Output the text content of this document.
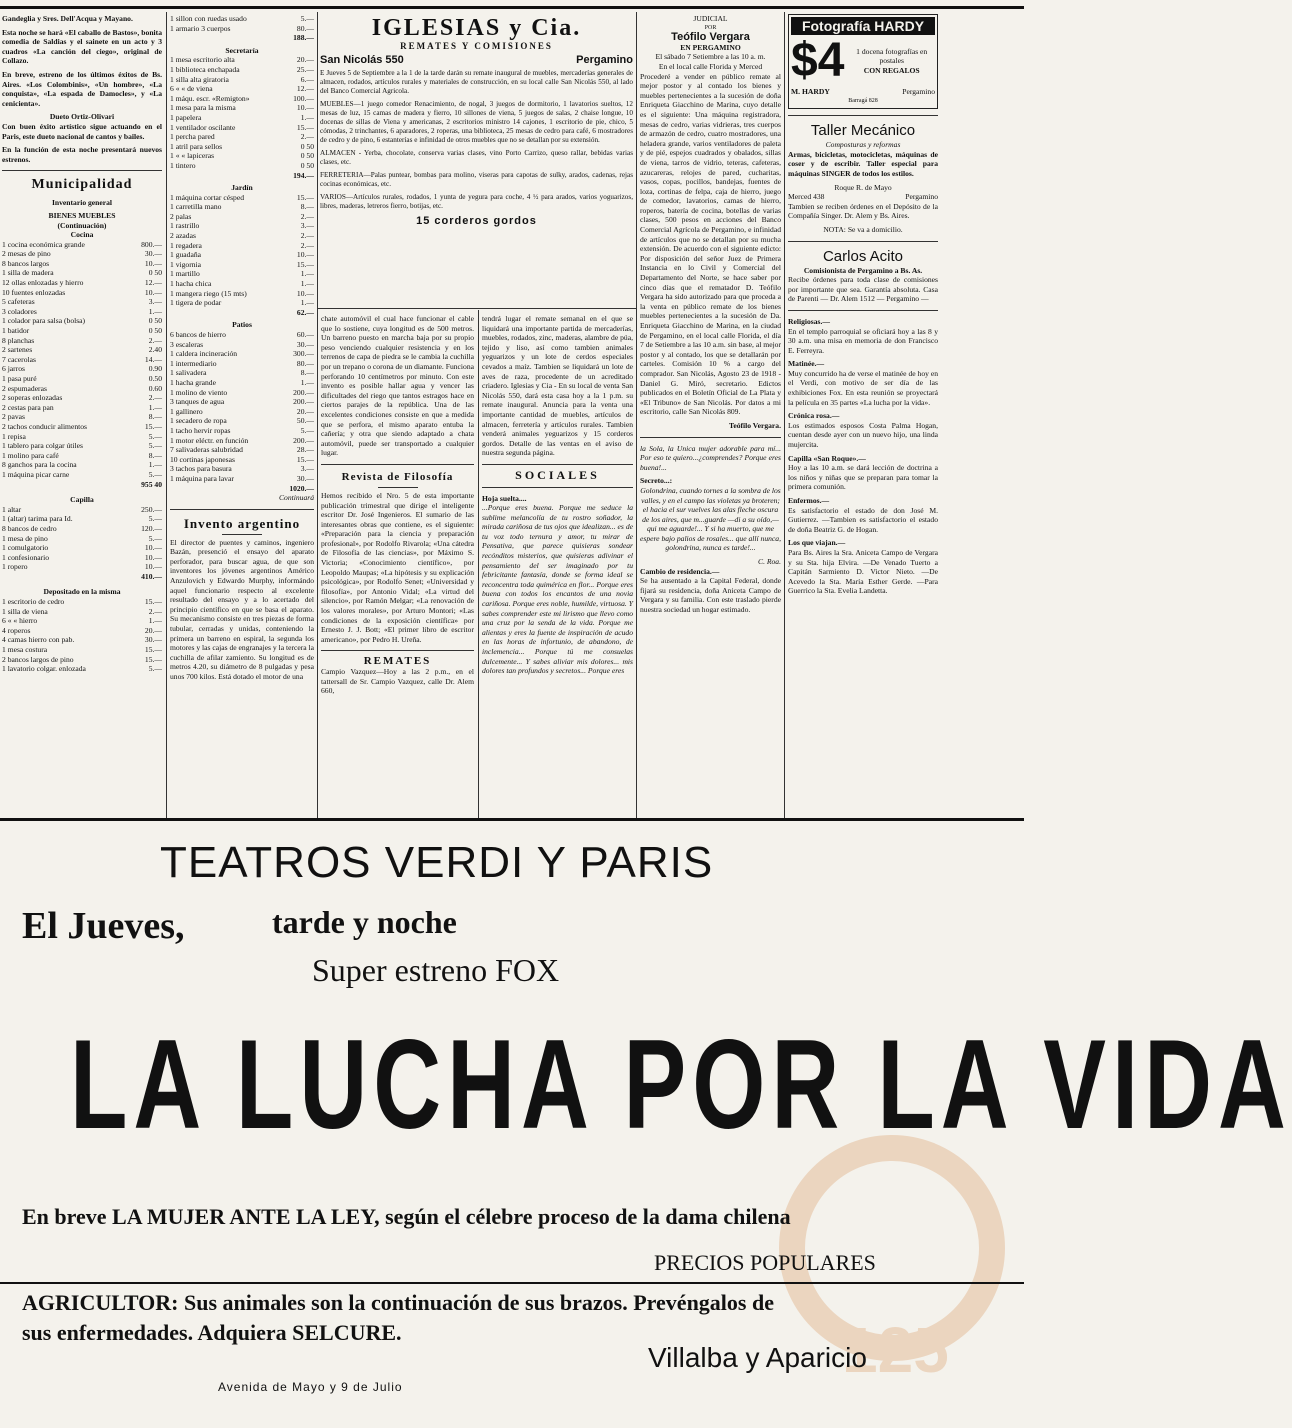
Gandeglia y Sres. Dell'Acqua y Mayano.

Esta noche se hará «El caballo de Bastos», bonita comedia de Saldias y el sainete en un acto y 3 cuadros «La canción del ciego», original de Collazo.

En breve, estreno de los últimos éxitos de Bs. Aires. «Los Colombinis», «Un hombre», «La conquista», «La espada de Damocles», y «La cenicienta».

Dueto Ortiz-Olivari

Con buen éxito artístico sigue actuando en el Paris, este dueto nacional de cantos y bailes.

En la función de esta noche presentará nuevos estrenos.

Municipalidad
Inventario general
BIENES MUEBLES
(Continuación)
Cocina
1 cocina económica grande	800.—
2 mesas de pino	30.—
8 bancos largos	10.—
1 silla de madera	0 50
12 ollas enlozadas y hierro	12.—
10 fuentes enlozadas	10.—
5 cafeteras	3.—
3 coladores	1.—
1 colador para salsa (bolsa)	0 50
1 batidor	0 50
8 planchas	2.—
2 sartenes	2.40
7 cacerolas	14.—
6 jarros	0.90
1 pasa puré	0.50
2 espumaderas	0.60
2 soperas enlozadas	2.—
2 cestas para pan	1.—
2 pavas	8.—
2 tachos conducir alimentos	15.—
1 repisa	5.—
1 tablero para colgar útiles	5.—
1 molino para café	8.—
8 ganchos para la cocina	1.—
1 máquina picar carne	5.—
955 40
Capilla
1 altar	250.—
1 (altar) tarima para Id.	5.—
8 bancos de cedro	120.—
1 mesa de pino	5.—
1 comulgatorio	10.—
1 confesionario	10.—
1 ropero	10.—
410.—
Depositado en la misma
1 escritorio de cedro	15.—
1 silla de viena	2.—
6 « « hierro	1.—
4 roperos	20.—
4 camas hierro con pab.	30.—
1 mesa costura	15.—
2 bancos largos de pino	15.—
1 lavatorio colgar. enlozada	5.—
1 sillon con ruedas usado	5.—
1 armario 3 cuerpos	80.—
188.—
Secretaría
1 mesa escritorio alta	20.—
1 biblioteca enchapada	25.—
1 silla alta giratoria	6.—
6 « « de viena	12.—
1 máqu. escr. «Remigton»	100.—
1 mesa para la misma	10.—
1 papelera	1.—
1 ventilador oscilante	15.—
1 percha pared	2.—
1 atril para sellos	0 50
1 « « lapiceras	0 50
1 tintero	0 50
194.—
Jardín
1 máquina cortar césped	15.—
1 carretilla mano	8.—
2 palas	2.—
1 rastrillo	3.—
2 azadas	2.—
1 regadera	2.—
1 guadaña	10.—
1 vigornia	15.—
1 martillo	1.—
1 hacha chica	1.—
1 mangera riego (15 mts)	10.—
1 tigera de podar	1.—
62.—
Patios
6 bancos de hierro	60.—
3 escaleras	30.—
1 caldera incineración	300.—
1 intermediario	80.—
1 salivadera	8.—
1 hacha grande	1.—
1 molino de viento	200.—
3 tanques de agua	200.—
1 gallinero	20.—
1 secadero de ropa	50.—
1 tacho hervir ropas	5.—
1 motor eléctr. en función	200.—
7 salivaderas salubridad	28.—
10 cortinas japonesas	15.—
3 tachos para basura	3.—
1 máquina para lavar	30.—
1020.—
Continuará
Invento argentino

El director de puentes y caminos, ingeniero Bazán, presenció el ensayo del aparato perforador, para buscar agua, de que son inventores los jóvenes argentinos Américo Anzulovich y Edwardo Murphy, informándo aquel funcionario respecto al excelente resultado del ensayo y a lo acertado del principio científico en que se basa el aparato. Su mecanismo consiste en tres piezas de forma tubular, cerradas y unidas, conteniendo la primera un barreno en espiral, la segunda los motores y las cajas de engranajes y la tercera la cuchilla de afilar zamiento. Su longitud es de metros 4.20, su diámetro de 8 pulgadas y pesa unos 700 kilos. Está dotado el motor de una

IGLESIAS y Cia.
REMATES Y COMISIONES
San Nicolás 550	Pergamino

E Jueves 5 de Septiembre a la 1 de la tarde darán su remate inaugural de muebles, mercaderías generales de almacen, rodados, artículos rurales y materiales de construcción, en su local calle San Nicolás 550, al lado del Banco Comercial Agricola.

MUEBLES—1 juego comedor Renacimiento, de nogal, 3 juegos de dormitorio, 1 lavatorios sueltos, 12 mesas de luz, 15 camas de madera y fierro, 10 sillones de viena, 5 juegos de salas, 2 chaise longue, 10 docenas de sillas de Viena y americanas, 2 escritorios ministro 14 cajones, 1 escritorio de pie, chico, 5 cómodas, 2 trinchantes, 6 aparadores, 2 roperas, una biblioteca, 25 mesas de cedro para café, 6 mostradores de cedro y de pino, 6 estanterías e infinidad de otros muebles que no se detallan por su extensión.

ALMACEN - Yerba, chocolate, conserva varias clases, vino Porto Carrizo, queso rallar, bebidas varias clases, etc.

FERRETERIA—Palas puntear, bombas para molino, viseras para capotas de sulky, arados, cadenas, rejas cocinas económicas, etc.

VARIOS—Artículos rurales, rodados, 1 yunta de yegura para coche, 4 ½ para arados, varios yoguarizos, libres, maderas, letreros fierro, botijas, etc.

15 corderos gordos

chate automóvil el cual hace funcionar el cable que lo sostiene, cuya longitud es de 500 metros. Un barreno puesto en marcha baja por su propio peso venciendo cualquier resistencia y en los terrenos de capa de piedra se le cambia la cuchilla por un trepano o corona de un diamante. Funciona perforando 10 centímetros por minuto. Con este invento es posible hallar agua y vencer las dificultades del riego que tantos estragos hace en ciertos parajes de la república. Una de las excelentes condiciones consiste en que a medida que se perfora, el mismo aparato entuba la cañería; y otra que siendo adaptado a chata automóvil, puede ser transportado a cualquier lugar.

Revista de Filosofía

Hemos recibido el Nro. 5 de esta importante publicación trimestral que dirige el inteligente escritor Dr. José Ingenieros. El sumario de las interesantes obras que contiene, es el siguiente: «Preparación para la ciencia y preparación profesional», por Rodolfo Rivarola; «Una cátedra de Filosofía de las ciencias», por Máximo S. Victoria; «Conocimiento científico», por Leopoldo Maupas; «La hipótesis y su explicación psicológica», por Rodolfo Senet; «Universidad y filosofía», por Antonio Vidal; «La virtud del silencio», por Ramón Melgar; «La renovación de los valores morales», por Arturo Montori; «Las condiciones de la exposición científica» por Ernesto J. J. Bott; «El primer libro de escritor americano», por Pedro H. Ureña.

REMATES

Campio Vazquez—Hoy a las 2 p.m., en el tattersall de Sr. Campio Vazquez, calle Dr. Alem 660,

tendrá lugar el remate semanal en el que se liquidará una importante partida de mercaderías, muebles, rodados, zinc, maderas, alambre de púa, tejido y liso, así como tambien animales yeguarizos y un lote de cerdos especiales cevados a maíz. Tambien se liquidará un lote de aves de raza, procedente de un acreditado criadero. Iglesias y Cia - En su local de venta San Nicolás 550, dará esta casa hoy a la 1 p.m. su remate inaugural. Anuncia para la venta una importante cantidad de muebles, artículos de almacen, ferretería y artículos rurales. Tambien venderá animales yeguarizos y 15 corderos gordos. Detalle de las ventas en el aviso de nuestra segunda página.

SOCIALES
Hoja suelta....

...Porque eres buena. Porque me seduce la sublime melancolía de tu rostro soñador, la mirada cariñosa de tus ojos que idealizan... es de tu voz todo ternura y amor, tu mirar de Pensativa, que parece quisieras sondear recónditos misterios, que quisieras adivinar el pensamiento del ser imaginado por tu febricitante fantasía, donde se forma ideal se reconcentra toda quimérica en flor... Porque eres buena con todos los encantos de una novia cariñosa. Porque eres noble, humilde, virtuosa. Y sabes comprender este mi lirismo que llevo como una cruz por la senda de la vida. Porque me alientas y eres la fuente de inspiración de acudo en las horas de infortunio, de abandono, de inclemencia... Porque tú me consuelas dulcemente... Y sabes aliviar mis dolores... mis dolores tan profundos y secretos... Porque eres

JUDICIAL
POR
Teófilo Vergara
EN PERGAMINO
El sábado 7 Setiembre a las 10 a. m.
En el local calle Florida y Merced

Procederé a vender en público remate al mejor postor y al contado los bienes y muebles pertenecientes a la sucesión de doña Enriqueta Giacchino de Marina, cuyo detalle es el siguiente: Una máquina registradora, mesas de cedro, varias vidrieras, tres cuerpos de armazón de cedro, cuatro mostradores, una heladera grande, varios ventiladores de paleta y de pié, espejos cuadrados y obalados, sillas de viena, tarros de vidrio, teteras, cafeteras, azucareras, relojes de pared, cucharitas, vasos, copas, pocillos, bandejas, fuentes de loza, cortinas de felpa, caja de hierro, juego de comedor, lavatorios, camas de hierro, roperos, batería de cocina, botellas de varias clases, 500 pesos en acciones del Banco Comercial Agrícola de Pergamino, e infinidad de artículos que no se detallan por su mucha extensión. De acuerdo con el siguiente edicto: Por disposición del señor Juez de Primera Instancia en lo Civil y Comercial del Departamento del Norte, se hace saber por cinco días que el rematador D. Teófilo Vergara ha sido autorizado para que proceda a la venta en público remate de los bienes muebles pertenecientes a la sucesión de Da. Enriqueta Giacchino de Marina, en la ciudad de Pergamino, en el local calle Florida, el día 7 de Setiembre a las 10 a.m. sin base, al mejor postor y al contado, los que se detallarán por carteles. Comisión 10 % a cargo del comprador. San Nicolás, Agosto 23 de 1918 - Daniel G. Miró, secretario. Edictos publicados en el Boletín Oficial de La Plata y «El Tribuno» de San Nicolás. Por datos a mi escritorio, calle San Nicolás 809.

Teófilo Vergara.

la Sola, la Unica mujer adorable para mí... Por eso te quiero...¿comprendes? Porque eres buena!...

Secreto...:

Golondrina, cuando tornes a la sombra de los valles, y en el campo las violetas ya broteren; el hacia el sur vuelves las alas fleche oscura de los aires, que m...guarde —di a su oído,— qui me aguarde!... Y si ha muerto, que me espere bajo palios de rosales... que allí nunca, golondrina, nunca es tarde!...

C. Roa.
Cambio de residencia.—

Se ha ausentado a la Capital Federal, donde fijará su residencia, doña Aniceta Campo de Vergara y su familia. Con este traslado pierde nuestra sociedad un hogar estimado.

Fotografía HARDY
$4	1 docena fotografías en postales
CON REGALOS
M. HARDY	Pergamino
Barragá 828
Taller Mecánico
Composturas y reformas

Armas, bicicletas, motocicletas, máquinas de coser y de escribir. Taller especial para máquinas SINGER de todos los estilos.

Roque R. de Mayo
Merced 438	Pergamino

Tambien se reciben órdenes en el Depósito de la Compañía Singer. Dr. Alem y Bs. Aires.

NOTA: Se va a domicilio.
Carlos Acito
Comisionista de Pergamino a Bs. As.

Recibe órdenes para toda clase de comisiones por importante que sea. Garantía absoluta. Casa de Parenti — Dr. Alem 1512 — Pergamino —

Religiosas.—

En el templo parroquial se oficiará hoy a las 8 y 30 a.m. una misa en memoria de don Francisco E. Ferreyra.

Matinée.—

Muy concurrido ha de verse el matinée de hoy en el Verdi, con motivo de ser día de las exhibiciones Fox. En esta reunión se proyectará la película en 35 partes «La lucha por la vida».

Crónica rosa.—

Los estimados esposos Costa Palma Hogan, cuentan desde ayer con un nuevo hijo, una linda mujercita.

Capilla «San Roque».—

Hoy a las 10 a.m. se dará lección de doctrina a los niños y niñas que se preparan para tomar la primera comunión.

Enfermos.—

Es satisfactorio el estado de don José M. Gutierrez. —Tambien es satisfactorio el estado de doña Beatriz G. de Hogan.

Los que viajan.—

Para Bs. Aires la Sra. Aniceta Campo de Vergara y su Sta. hija Elvira. —De Venado Tuerto a Capitán Sarmiento D. Victor Nieto. —De Acevedo la Sta. María Esther Gerde. —Para Guerrico la Sta. Evelia Landetta.

125
TEATROS VERDI Y PARIS
El Jueves,	tarde y noche
Super estreno FOX
LA LUCHA POR LA VIDA
En breve LA MUJER ANTE LA LEY, según el célebre proceso de la dama chilena
PRECIOS POPULARES
AGRICULTOR: Sus animales son la continuación de sus brazos. Prevéngalos de
sus enfermedades. Adquiera SELCURE.
Villalba y Aparicio
Avenida de Mayo y 9 de Julio
